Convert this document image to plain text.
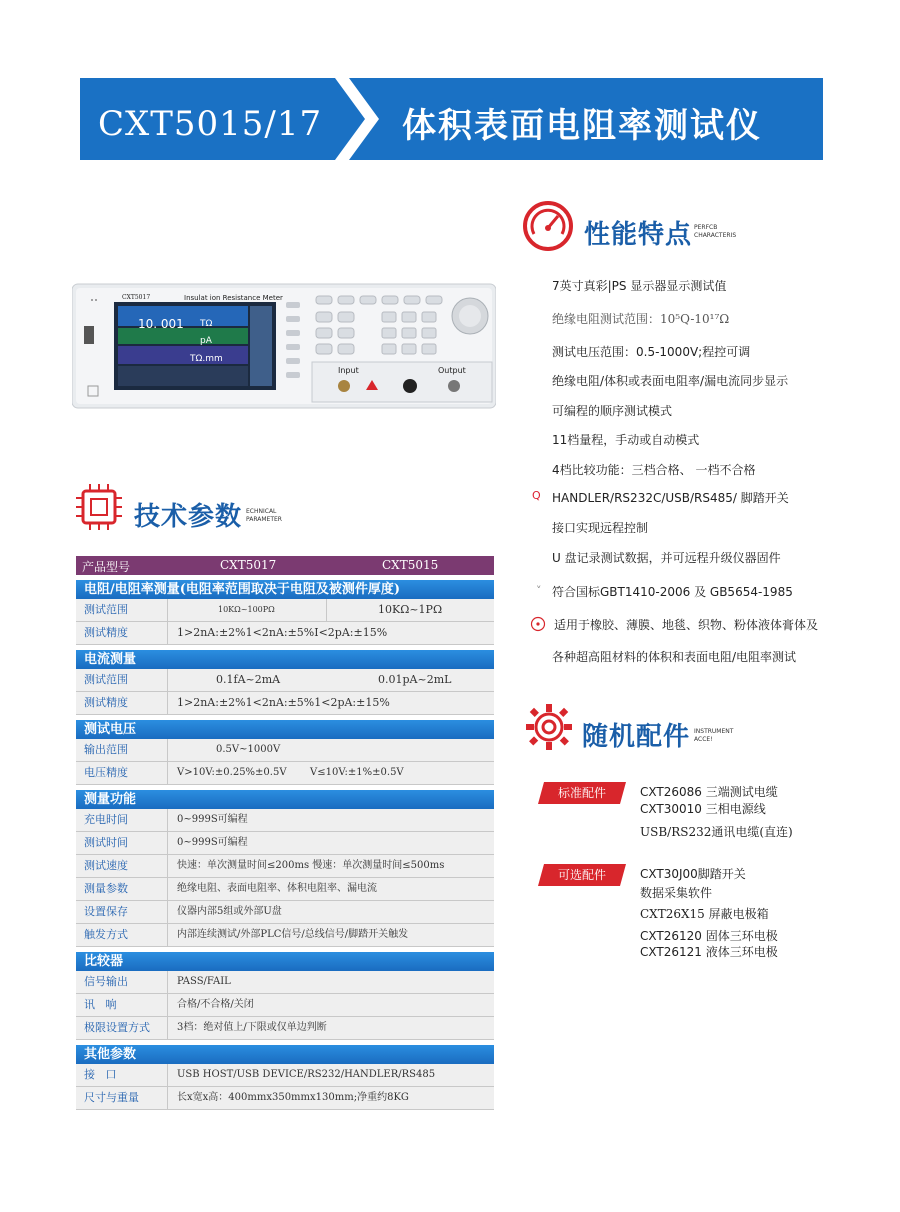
CXT5015/17 体积表面电阻率测试仪
CXT5017	Insulat ion Resistance Meter
10. 001 TΩ
pA
TΩ.mm
Input	Output
性能特点 PERFCB
CHARACTERIS
7英寸真彩|PS 显示器显示测试值
绝缘电阻测试范围：10⁵Q-10¹⁷Ω
测试电压范围：0.5-1000V;程控可调
绝缘电阻/体积或表面电阻率/漏电流同步显示
可编程的顺序测试模式
11档量程，手动或自动模式
4档比较功能：三档合格、 一档不合格
Q HANDLER/RS232C/USB/RS485/ 脚踏开关
接口实现远程控制
U 盘记录测试数据，并可远程升级仪器固件
˅ 符合国标GBT1410-2006 及 GB5654-1985
适用于橡胶、薄膜、地毯、织物、粉体液体膏体及
各种超高阻材料的体积和表面电阻/电阻率测试
随机配件 INSTRUMENT
ACCE!
标准配件	CXT26086 三端测试电缆
CXT30010 三相电源线
USB/RS232通讯电缆(直连)
可选配件	CXT30J00脚踏开关
数据采集软件
CXT26X15 屏蔽电极箱
CXT26120 固体三环电极
CXT26121 液体三环电极
技术参数 ECHNICAL
PARAMETER
产品型号	CXT5017	CXT5015
电阻/电阻率测量(电阻率范围取决于电阻及被测件厚度)
测试范围	10KΩ~100PΩ	10KΩ~1PΩ
测试精度	1>2nA:±2%1<2nA:±5%I<2pA:±15%
电流测量
测试范围	0.1fA~2mA	0.01pA~2mL
测试精度	1>2nA:±2%1<2nA:±5%1<2pA:±15%
测试电压
输出范围	0.5V~1000V
电压精度	V>10V:±0.25%±0.5V V≤10V:±1%±0.5V
测量功能
充电时间	0~999S可编程
测试时间	0~999S可编程
测试速度	快速：单次测量时间≤200ms 慢速：单次测量时间≤500ms
测量参数	绝缘电阻、表面电阻率、体积电阻率、漏电流
设置保存	仪器内部5组或外部U盘
触发方式	内部连续测试/外部PLC信号/总线信号/脚踏开关触发
比较器
信号输出	PASS/FAIL
讯   响	合格/不合格/关闭
极限设置方式	3档：绝对值上/下限或仅单边判断
其他参数
接   口	USB HOST/USB DEVICE/RS232/HANDLER/RS485
尺寸与重量	长x宽x高：400mmx350mmx130mm;净重约8KG
